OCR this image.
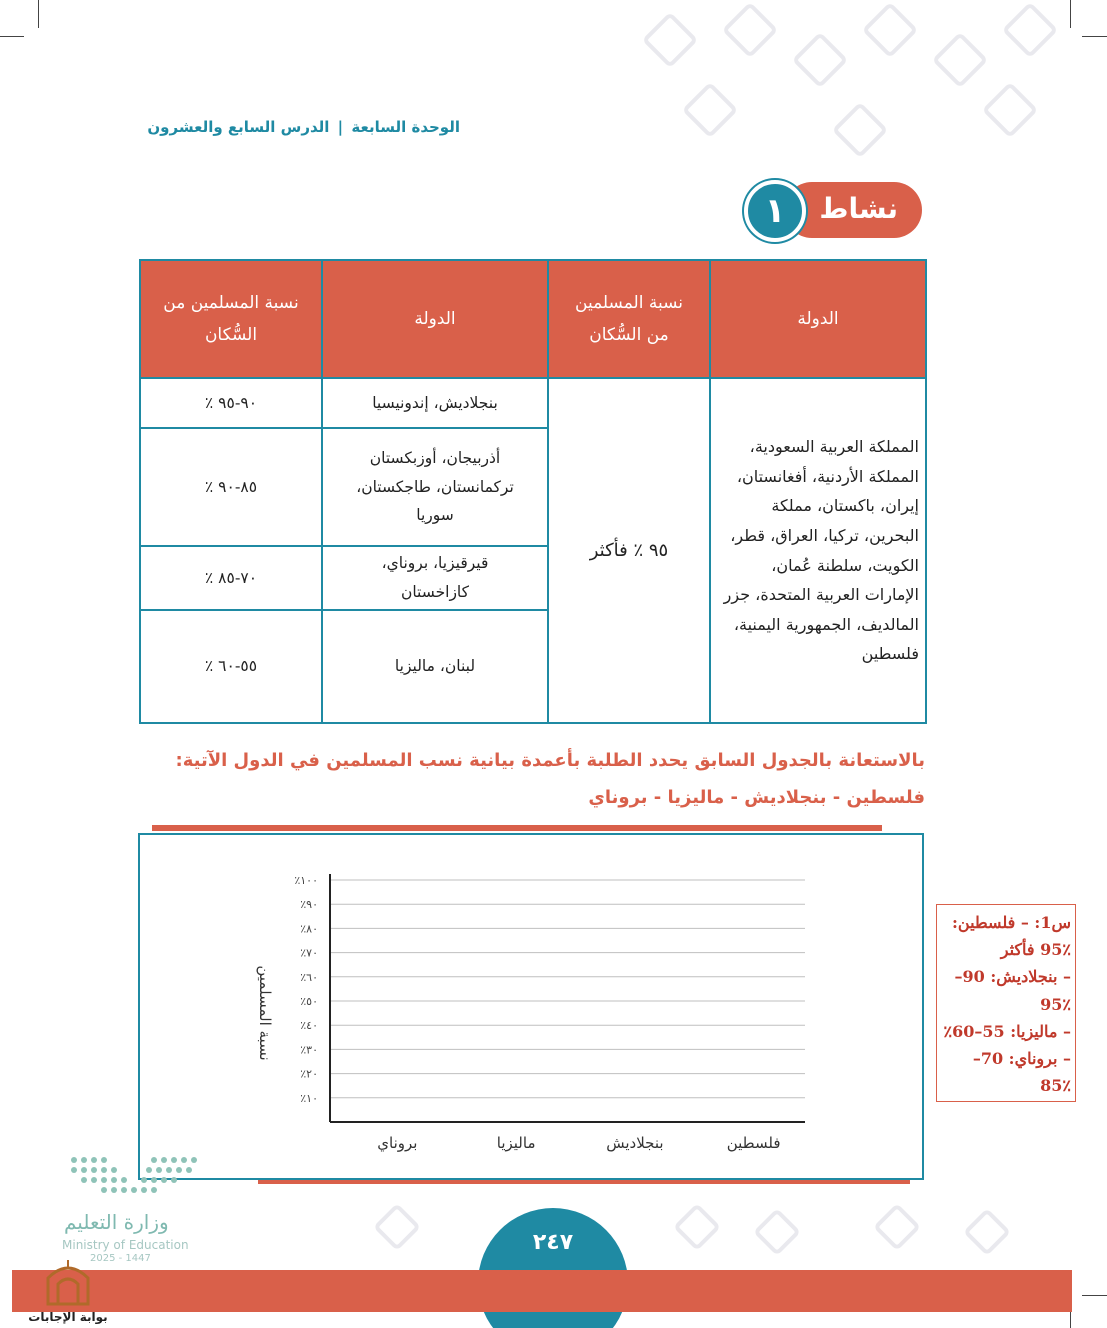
الوحدة السابعة | الدرس السابع والعشرون
نشاط
١
الدولة	نسبة المسلمين من السُّكان	الدولة	نسبة المسلمين من السُّكان
المملكة العربية السعودية، المملكة الأردنية، أفغانستان، إيران، باكستان، مملكة البحرين، تركيا، العراق، قطر، الكويت، سلطنة عُمان، الإمارات العربية المتحدة، جزر المالديف، الجمهورية اليمنية، فلسطين	٩٥ ٪ فأكثر	بنجلاديش، إندونيسيا	٩٠-٩٥ ٪
		أذربيجان، أوزبكستان تركمانستان، طاجكستان، سوريا	٨٥-٩٠ ٪
		قيرقيزيا، بروناي، كازاخستان	٧٠-٨٥ ٪
		لبنان، ماليزيا	٥٥-٦٠ ٪
بالاستعانة بالجدول السابق يحدد الطلبة بأعمدة بيانية نسب المسلمين في الدول الآتية:
فلسطين - بنجلاديش - ماليزيا - بروناي
٪١٠
٪٢٠
٪٣٠
٪٤٠
٪٥٠
٪٦٠
٪٧٠
٪٨٠
٪٩٠
٪١٠٠
فلسطين
بنجلاديش
ماليزيا
بروناي
نسبة المسلمين
س1: – فلسطين:
95٪ فأكثر
– بنجلاديش: 90–
95٪
– ماليزيا: 55–60٪
– بروناي: 70–
85٪
وزارة التعليم
Ministry of Education
2025 - 1447
٢٤٧
بوابة الإجابات
